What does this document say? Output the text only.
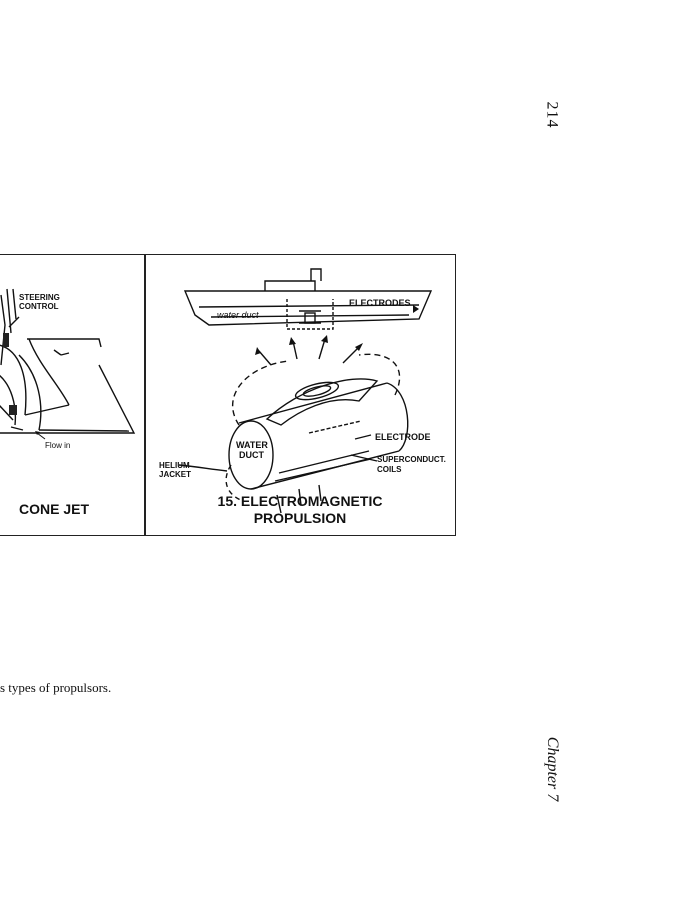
214
STEERING
CONTROL
Flow in
CONE JET
ELECTRODES
water duct
WATER
DUCT
ELECTRODE
SUPERCONDUCT.
COILS
HELIUM
JACKET
15. ELECTROMAGNETIC
PROPULSION
s types of propulsors.
Chapter 7
